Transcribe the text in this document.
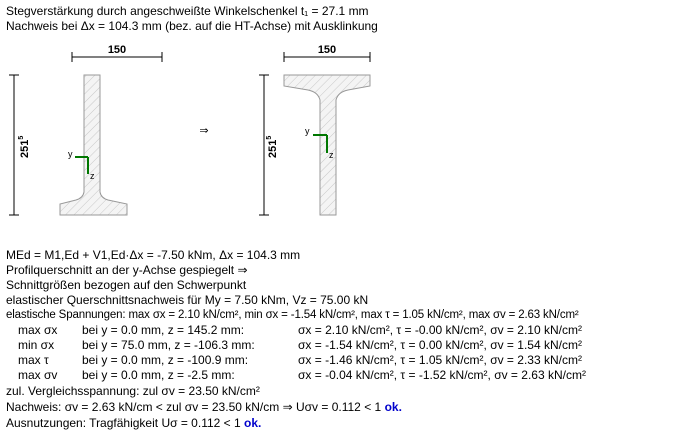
150
$251^5$
y
z
⇒
150
$251^5$
y
z
Stegverstärkung durch angeschweißte Winkelschenkel t₁ = 27.1 mm
Nachweis bei Δx = 104.3 mm (bez. auf die HT-Achse) mit Ausklinkung
MEd = M1,Ed + V1,Ed·Δx = -7.50 kNm, Δx = 104.3 mm
Profilquerschnitt an der y-Achse gespiegelt ⇒
Schnittgrößen bezogen auf den Schwerpunkt
elastischer Querschnittsnachweis für My = 7.50 kNm, Vz = 75.00 kN
elastische Spannungen: max σx = 2.10 kN/cm², min σx = -1.54 kN/cm², max τ = 1.05 kN/cm², max σv = 2.63 kN/cm²
max σx bei y = 0.0 mm, z = 145.2 mm:	σx = 2.10 kN/cm², τ = -0.00 kN/cm², σv = 2.10 kN/cm²
min σx bei y = 75.0 mm, z = -106.3 mm:	σx = -1.54 kN/cm², τ = 0.00 kN/cm², σv = 1.54 kN/cm²
max τ	bei y = 0.0 mm, z = -100.9 mm:	σx = -1.46 kN/cm², τ = 1.05 kN/cm², σv = 2.33 kN/cm²
max σv bei y = 0.0 mm, z = -2.5 mm:	σx = -0.04 kN/cm², τ = -1.52 kN/cm², σv = 2.63 kN/cm²
zul. Vergleichsspannung: zul σv = 23.50 kN/cm²
Nachweis: σv = 2.63 kN/cm < zul σv = 23.50 kN/cm ⇒ Uσv = 0.112 < 1 ok.
Ausnutzungen: Tragfähigkeit Uσ = 0.112 < 1 ok.
